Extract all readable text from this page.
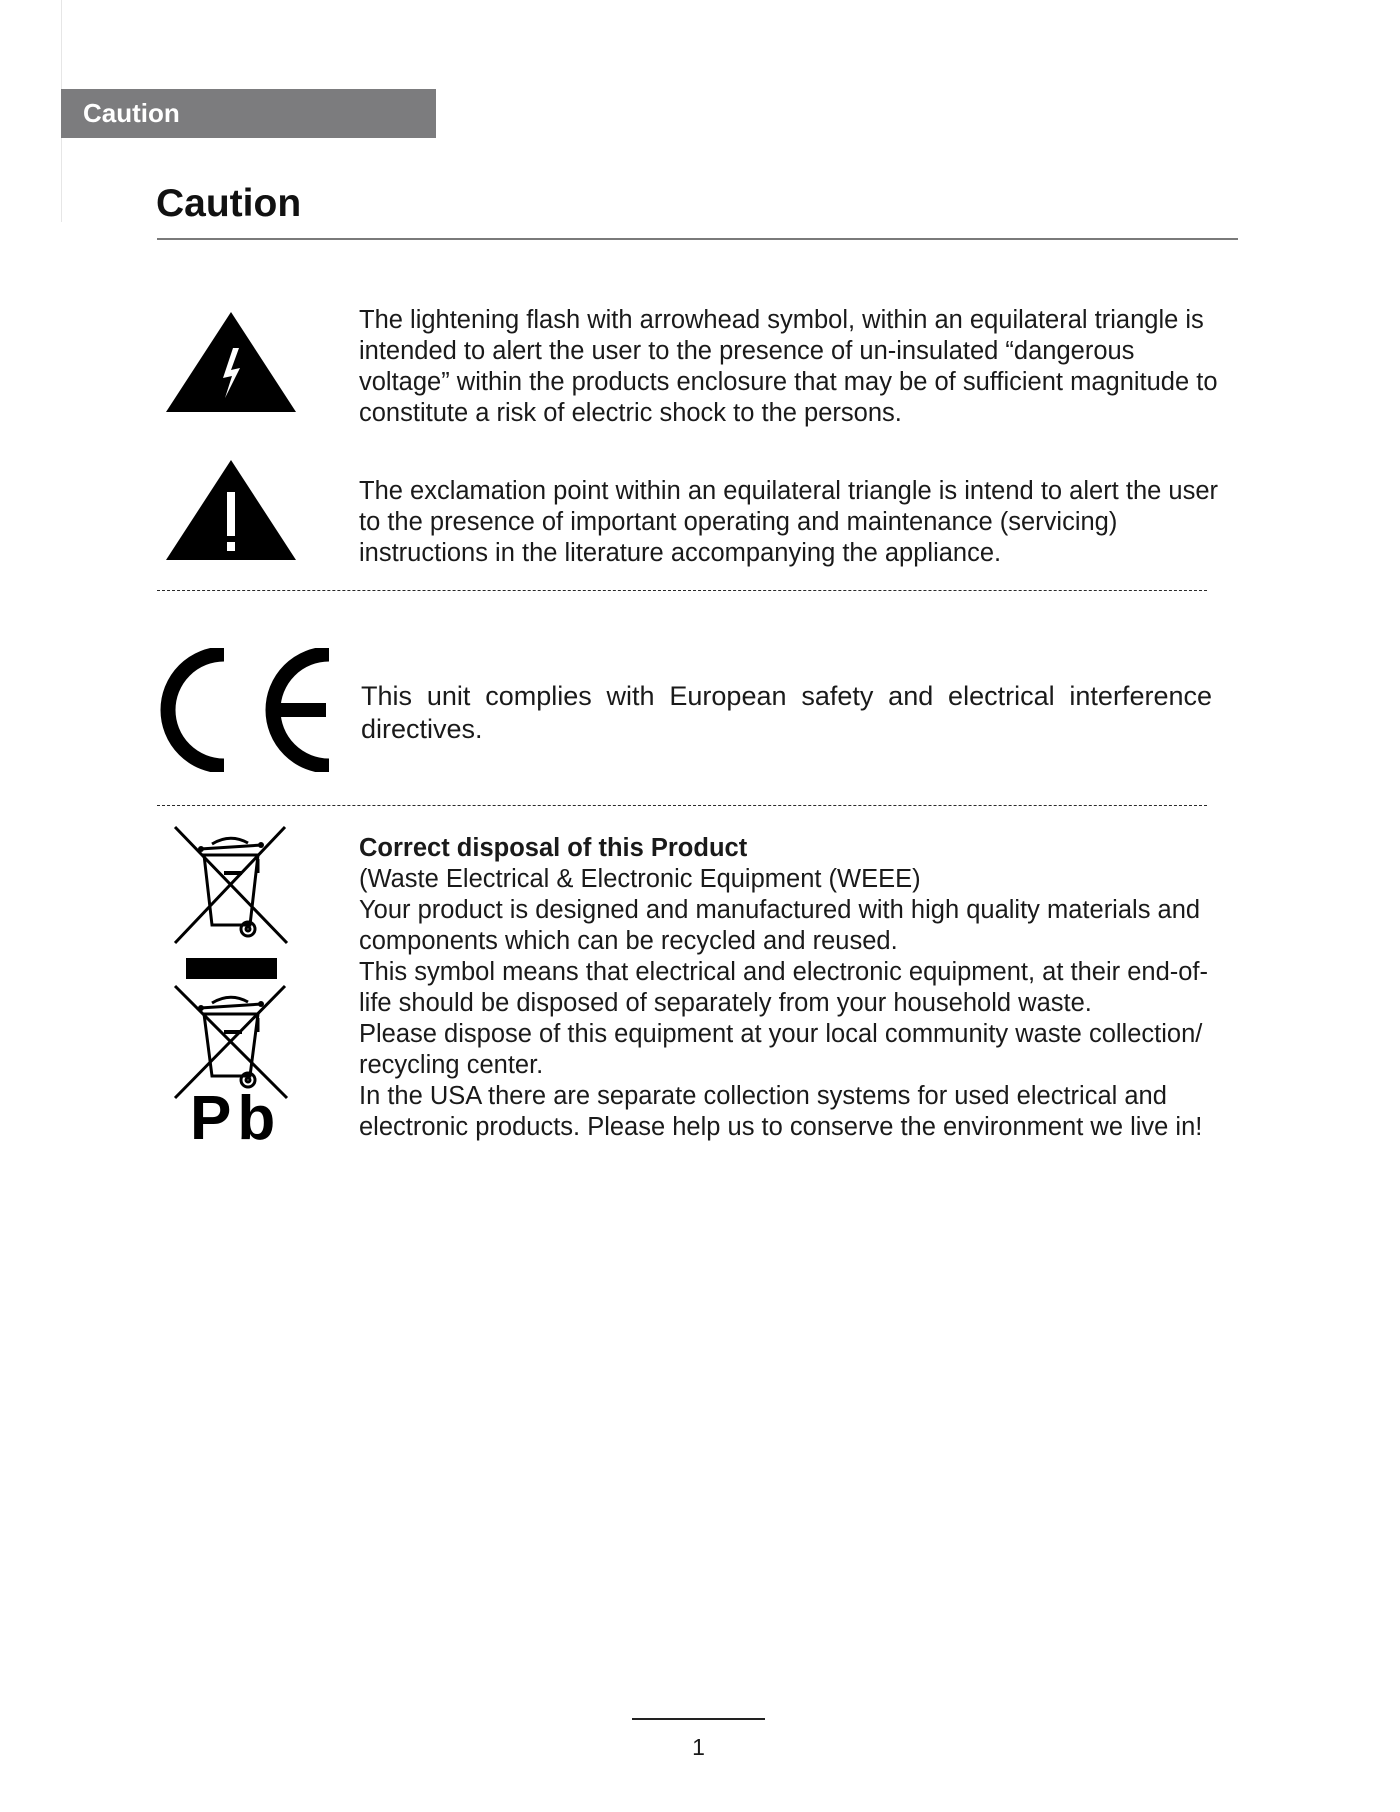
Caution
Caution
The lightening flash with arrowhead symbol, within an equilateral triangle is intended to alert the user to the presence of un-insulated “dangerous voltage” within the products enclosure that may be of sufficient magnitude to constitute a risk of electric shock to the persons.
The exclamation point within an equilateral triangle is intend to alert the user to the presence of important operating and maintenance (servicing) instructions in the literature accompanying the appliance.
This unit complies with European safety and electrical interference directives.
Pb
Correct disposal of this Product
(Waste Electrical & Electronic Equipment (WEEE)
Your product is designed and manufactured with high quality materials and components which can be recycled and reused.
This symbol means that electrical and electronic equipment, at their end-of-life should be disposed of separately from your household waste.
Please dispose of this equipment at your local community waste collection/ recycling center.
In the USA there are separate collection systems for used electrical and electronic products. Please help us to conserve the environment we live in!
1
